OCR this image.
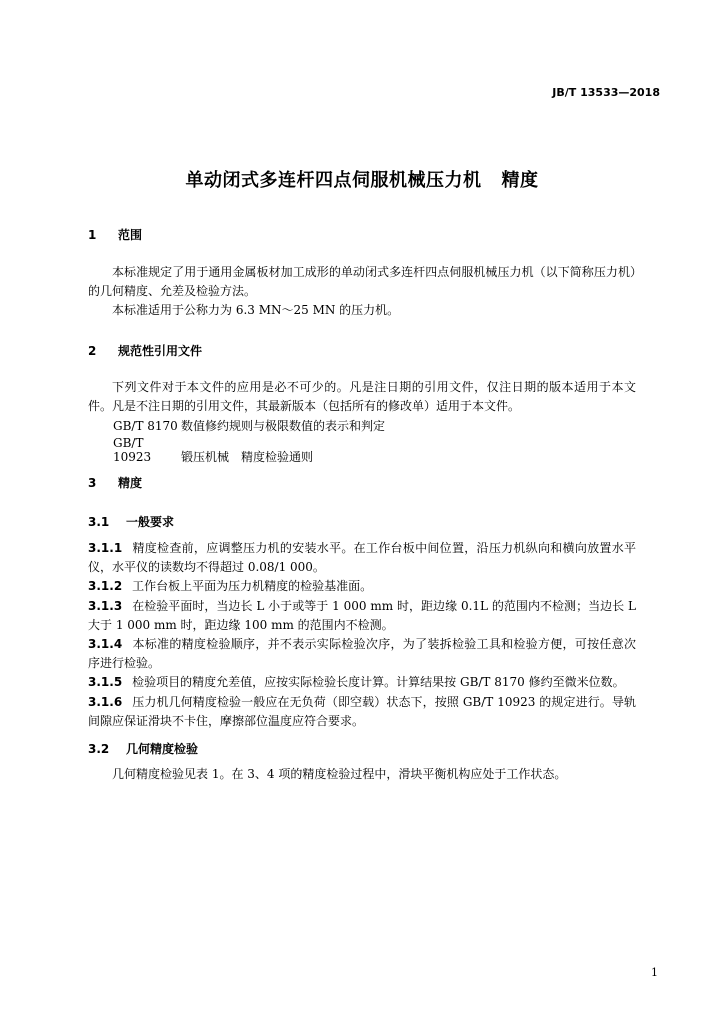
JB/T 13533—2018
单动闭式多连杆四点伺服机械压力机 精度
1 范围
本标准规定了用于通用金属板材加工成形的单动闭式多连杆四点伺服机械压力机（以下简称压力机）的几何精度、允差及检验方法。
本标准适用于公称力为 6.3 MN～25 MN 的压力机。
2 规范性引用文件
下列文件对于本文件的应用是必不可少的。凡是注日期的引用文件，仅注日期的版本适用于本文件。凡是不注日期的引用文件，其最新版本（包括所有的修改单）适用于本文件。
GB/T 8170 数值修约规则与极限数值的表示和判定
GB/T 10923 锻压机械　精度检验通则
3 精度
3.1 一般要求
3.1.1 精度检查前，应调整压力机的安装水平。在工作台板中间位置，沿压力机纵向和横向放置水平仪，水平仪的读数均不得超过 0.08/1 000。
3.1.2 工作台板上平面为压力机精度的检验基准面。
3.1.3 在检验平面时，当边长 L 小于或等于 1 000 mm 时，距边缘 0.1L 的范围内不检测；当边长 L 大于 1 000 mm 时，距边缘 100 mm 的范围内不检测。
3.1.4 本标准的精度检验顺序，并不表示实际检验次序，为了装拆检验工具和检验方便，可按任意次序进行检验。
3.1.5 检验项目的精度允差值，应按实际检验长度计算。计算结果按 GB/T 8170 修约至微米位数。
3.1.6 压力机几何精度检验一般应在无负荷（即空载）状态下，按照 GB/T 10923 的规定进行。导轨间隙应保证滑块不卡住，摩擦部位温度应符合要求。
3.2 几何精度检验
几何精度检验见表 1。在 3、4 项的精度检验过程中，滑块平衡机构应处于工作状态。
1
